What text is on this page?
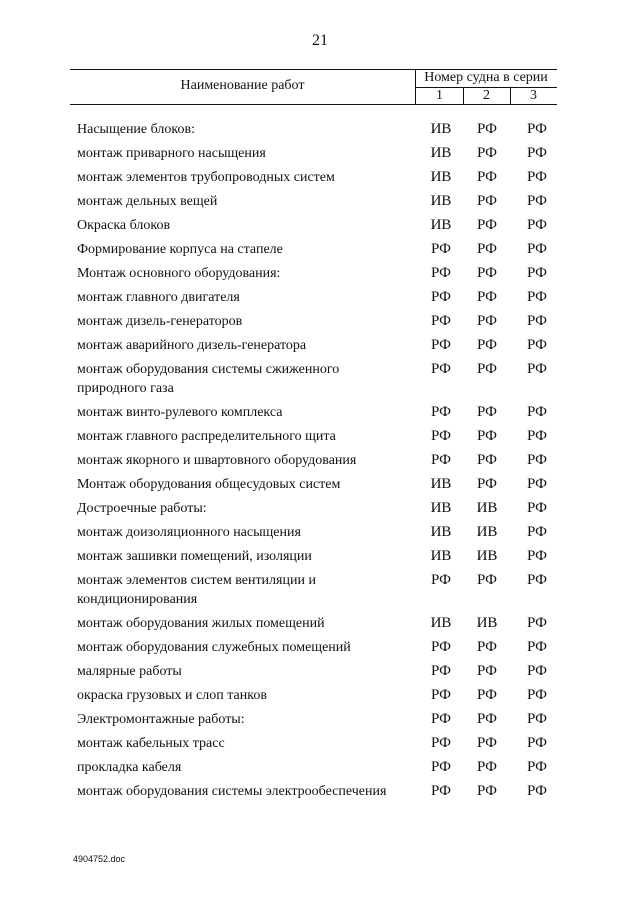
21
Наименование работ
Номер судна в серии
1	2	3
Насыщение блоков:	ИВ	РФ	РФ
монтаж приварного насыщения	ИВ	РФ	РФ
монтаж элементов трубопроводных систем	ИВ	РФ	РФ
монтаж дельных вещей	ИВ	РФ	РФ
Окраска блоков	ИВ	РФ	РФ
Формирование корпуса на стапеле	РФ	РФ	РФ
Монтаж основного оборудования:	РФ	РФ	РФ
монтаж главного двигателя	РФ	РФ	РФ
монтаж дизель-генераторов	РФ	РФ	РФ
монтаж аварийного дизель-генератора	РФ	РФ	РФ
монтаж оборудования системы сжиженного природного газа
РФ	РФ	РФ
монтаж винто-рулевого комплекса	РФ	РФ	РФ
монтаж главного распределительного щита	РФ	РФ	РФ
монтаж якорного и швартовного оборудования	РФ	РФ	РФ
Монтаж оборудования общесудовых систем	ИВ	РФ	РФ
Достроечные работы:	ИВ	ИВ	РФ
монтаж доизоляционного насыщения	ИВ	ИВ	РФ
монтаж зашивки помещений, изоляции	ИВ	ИВ	РФ
монтаж элементов систем вентиляции и кондиционирования
РФ	РФ	РФ
монтаж оборудования жилых помещений	ИВ	ИВ	РФ
монтаж оборудования служебных помещений	РФ	РФ	РФ
малярные работы	РФ	РФ	РФ
окраска грузовых и слоп танков	РФ	РФ	РФ
Электромонтажные работы:	РФ	РФ	РФ
монтаж кабельных трасс	РФ	РФ	РФ
прокладка кабеля	РФ	РФ	РФ
монтаж оборудования системы электрообеспечения	РФ	РФ	РФ
4904752.doc
